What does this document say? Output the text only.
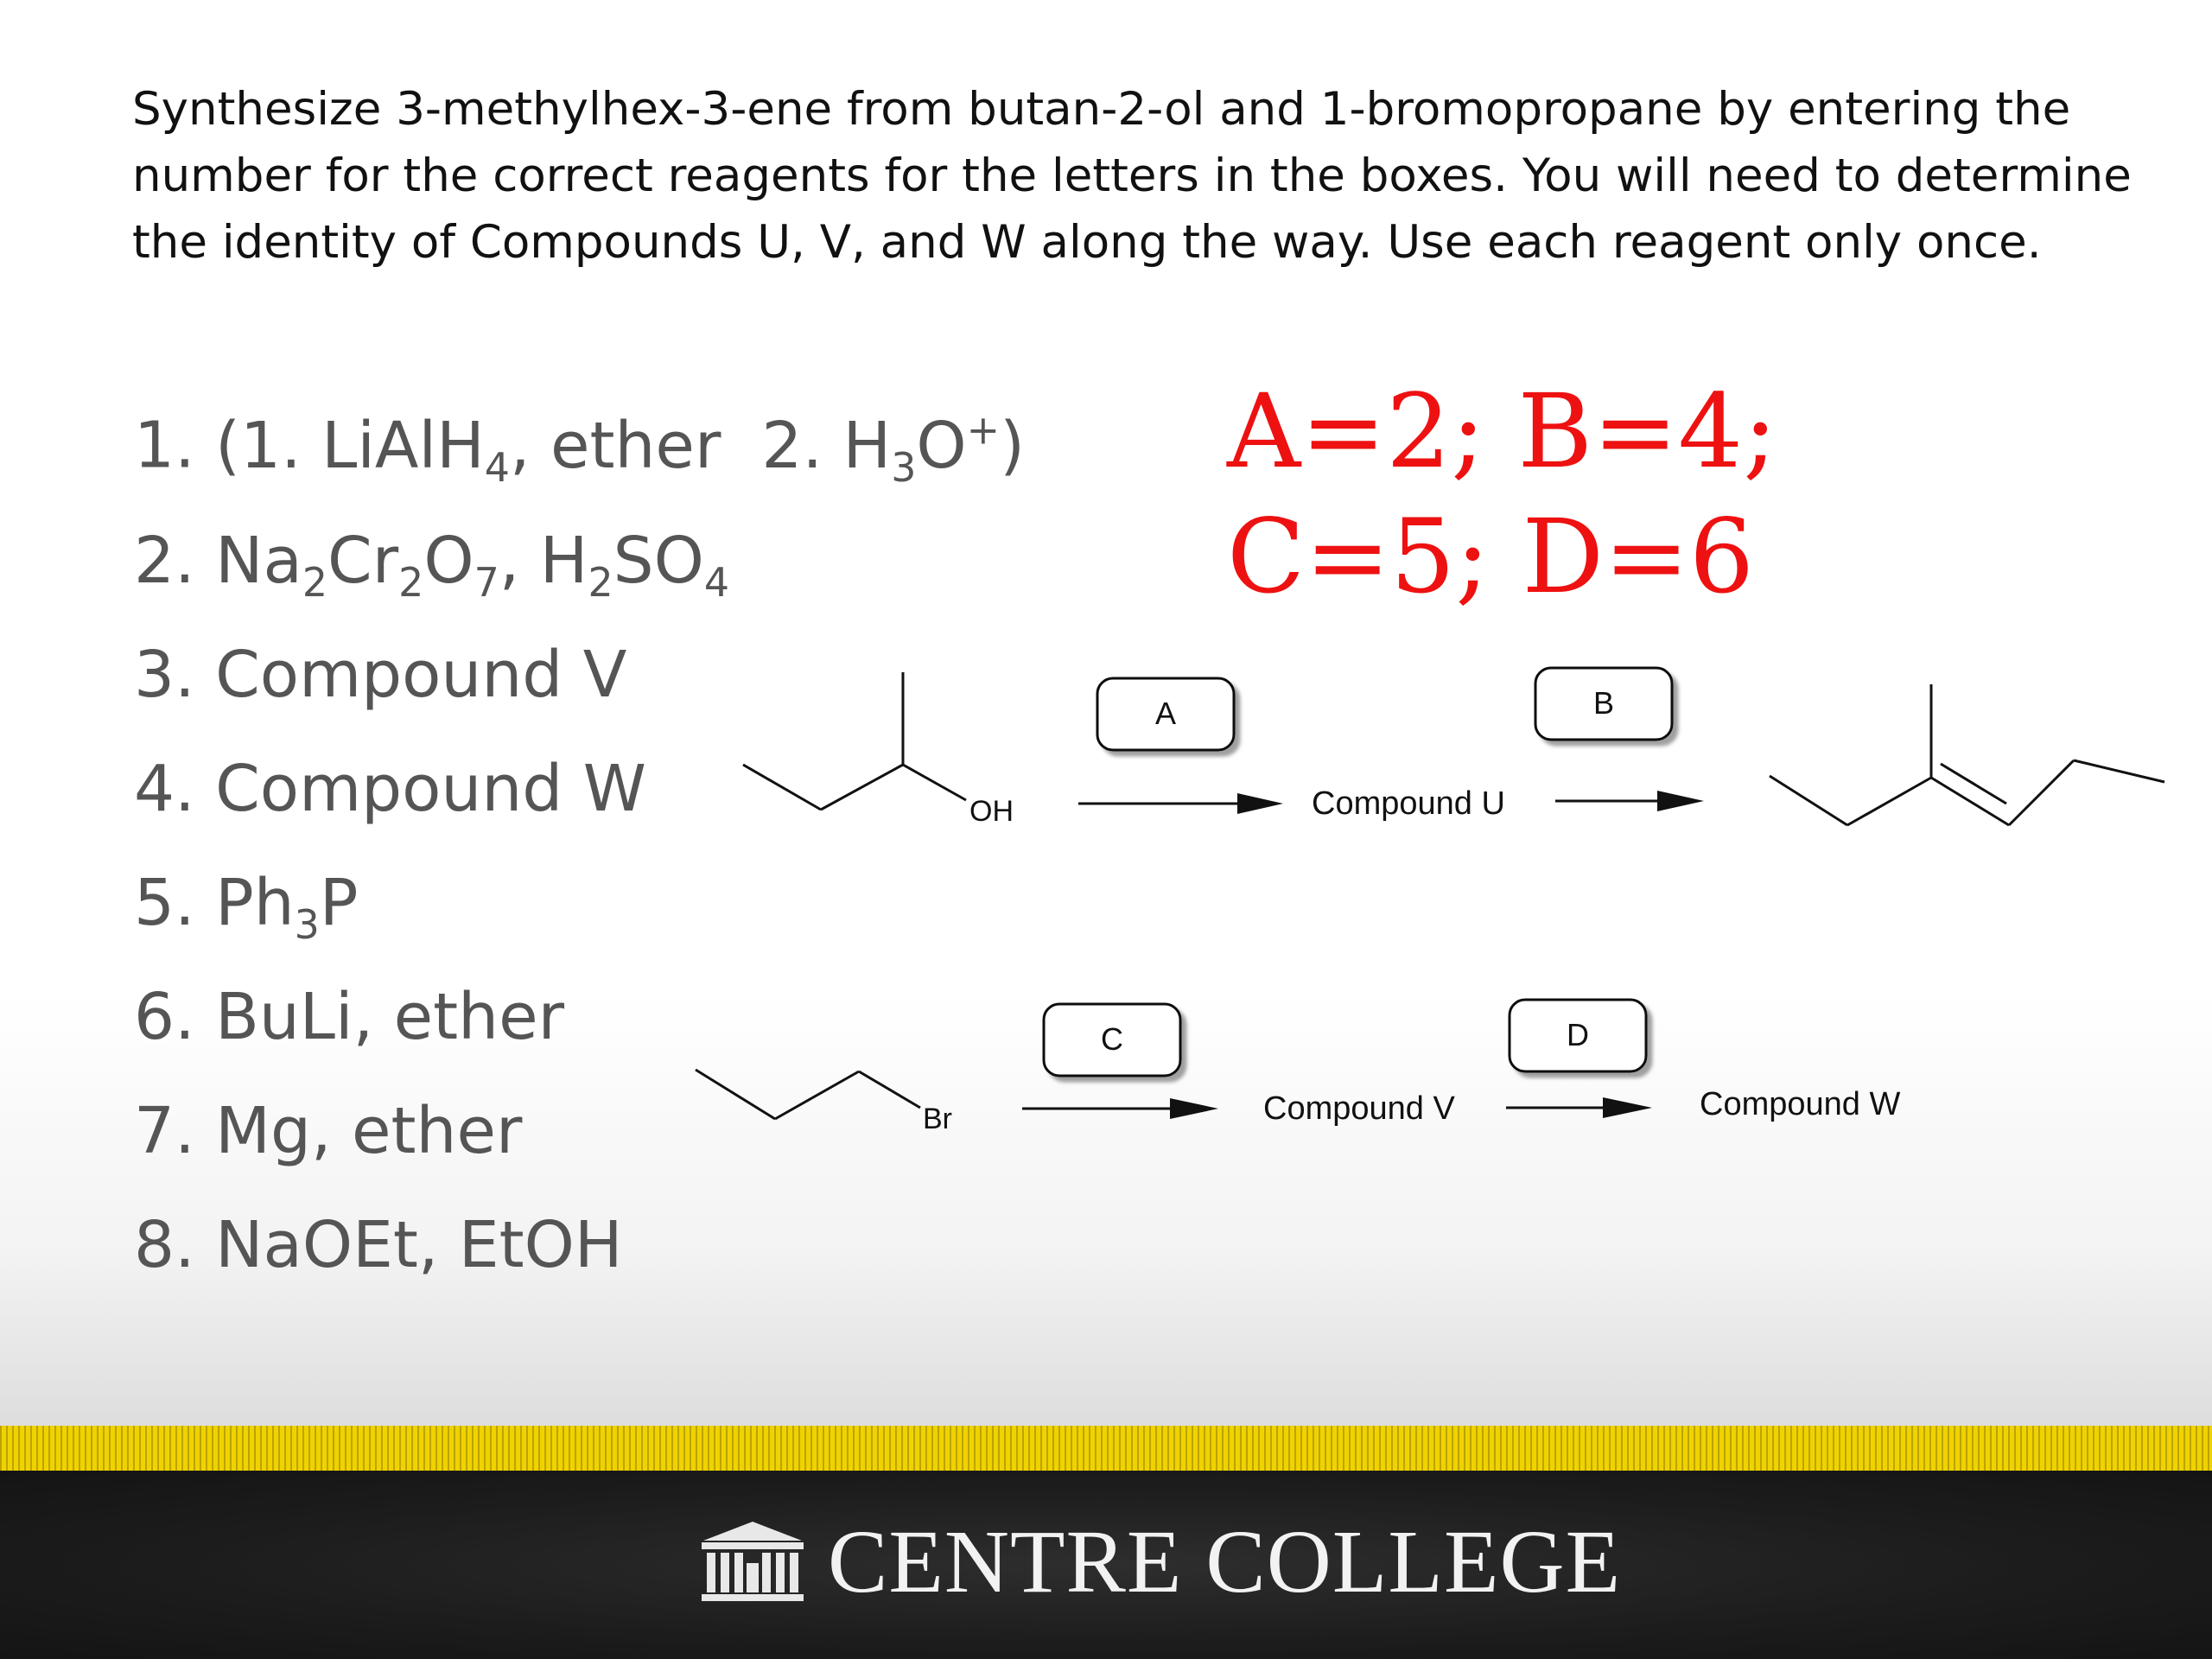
Synthesize 3-methylhex-3-ene from butan-2-ol and 1-bromopropane by entering the number for the correct reagents for the letters in the boxes. You will need to determine the identity of Compounds U, V, and W along the way. Use each reagent only once.
1. (1. LiAlH$_4$, ether  2. $H_3O^+$)
2. $Na_2Cr_2O_7$, $H_2SO_4$
3. Compound V
4. Compound W
5. $Ph_3P$
6. BuLi, ether
7. Mg, ether
8. NaOEt, EtOH
A=2; B=4;
C=5; D=6
OH
A
Compound U
B
Br
C
Compound V
D
Compound W
CENTRE COLLEGE
